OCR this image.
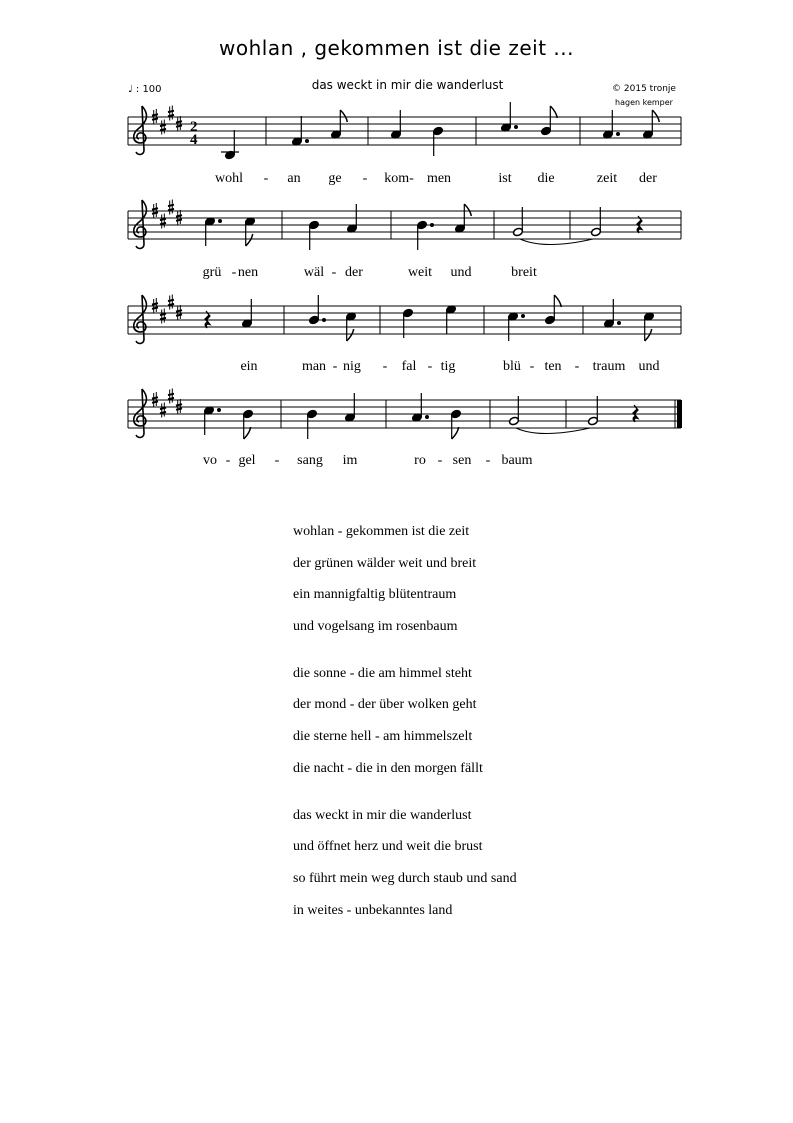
wohlan , gekommen ist die zeit ...
das weckt in mir die wanderlust
♩ : 100	© 2015 tronje
hagen kemper
2
4
wohl - an ge - kom- men	ist die	zeit der
grü - nen	wäl - der	weit und	breit
ein	man - nig - fal - tig	blü - ten - traum und
vo - gel - sang im	ro - sen - baum
wohlan - gekommen ist die zeit
der grünen wälder weit und breit
ein mannigfaltig blütentraum
und vogelsang im rosenbaum
die sonne - die am himmel steht
der mond - der über wolken geht
die sterne hell - am himmelszelt
die nacht - die in den morgen fällt
das weckt in mir die wanderlust
und öffnet herz und weit die brust
so führt mein weg durch staub und sand
in weites - unbekanntes land
